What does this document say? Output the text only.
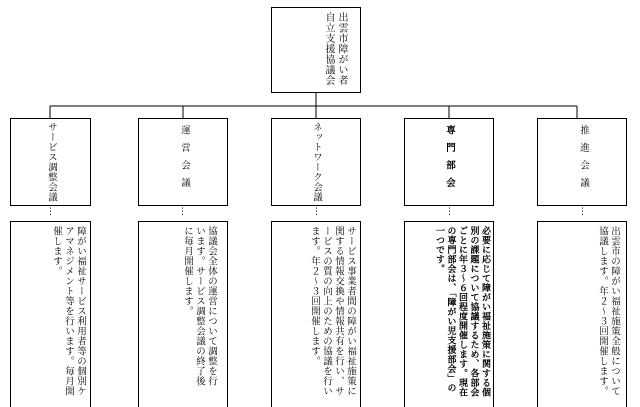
出雲市障がい者自立支援協議会
サービス調整会議
⋮
障がい福祉サービス利用者等の個別ケアマネジメント等を行います。毎月開催します。
運営会議
⋮
協議会全体の運営について調整を行います。サービス調整会議の終了後に毎月開催します。
ネットワーク会議
⋮
サービス事業者間の障がい福祉施策に関する情報交換や情報共有を行い、サービスの質の向上のための協議を行います。年２～３回開催します。
専門部会
⋮
必要に応じて障がい福祉施策に関する個別の課題について協議するため、各部会ごとに年３～６回程度開催します。現在の専門部会は、「障がい児支援部会」の一つです。
推進会議
⋮
出雲市の障がい福祉施策全般について協議します。年２～３回開催します。
